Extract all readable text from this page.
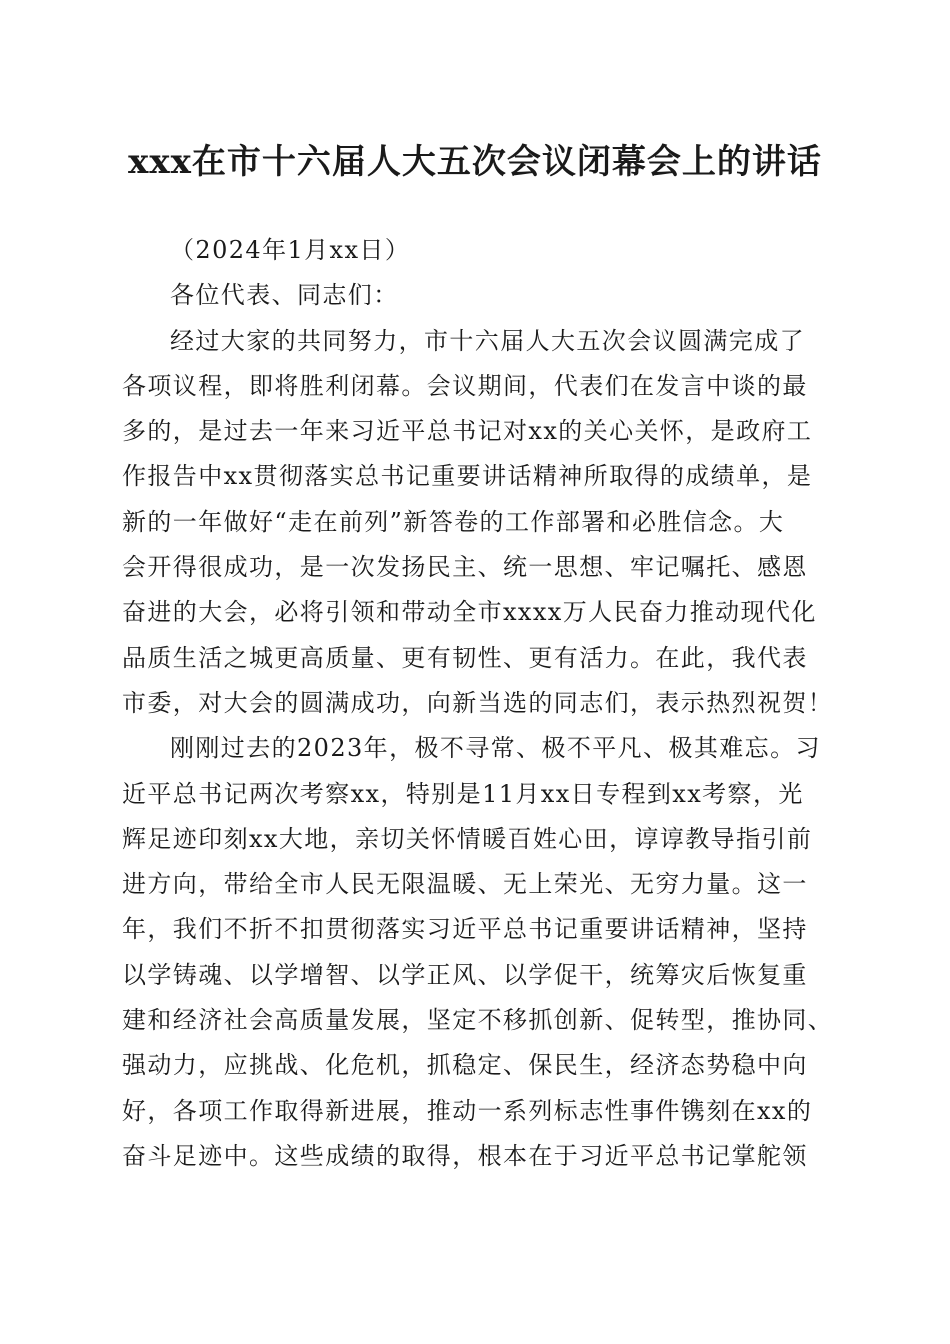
xxx在市十六届人大五次会议闭幕会上的讲话
（2024年1月xx日）
各位代表、同志们：
经过大家的共同努力，市十六届人大五次会议圆满完成了
各项议程，即将胜利闭幕。会议期间，代表们在发言中谈的最
多的，是过去一年来习近平总书记对xx的关心关怀，是政府工
作报告中xx贯彻落实总书记重要讲话精神所取得的成绩单，是
新的一年做好“走在前列”新答卷的工作部署和必胜信念。大
会开得很成功，是一次发扬民主、统一思想、牢记嘱托、感恩
奋进的大会，必将引领和带动全市xxxx万人民奋力推动现代化
品质生活之城更高质量、更有韧性、更有活力。在此，我代表
市委，对大会的圆满成功，向新当选的同志们，表示热烈祝贺！
刚刚过去的2023年，极不寻常、极不平凡、极其难忘。习
近平总书记两次考察xx，特别是11月xx日专程到xx考察，光
辉足迹印刻xx大地，亲切关怀情暖百姓心田，谆谆教导指引前
进方向，带给全市人民无限温暖、无上荣光、无穷力量。这一
年，我们不折不扣贯彻落实习近平总书记重要讲话精神，坚持
以学铸魂、以学增智、以学正风、以学促干，统筹灾后恢复重
建和经济社会高质量发展，坚定不移抓创新、促转型，推协同、
强动力，应挑战、化危机，抓稳定、保民生，经济态势稳中向
好，各项工作取得新进展，推动一系列标志性事件镌刻在xx的
奋斗足迹中。这些成绩的取得，根本在于习近平总书记掌舵领
